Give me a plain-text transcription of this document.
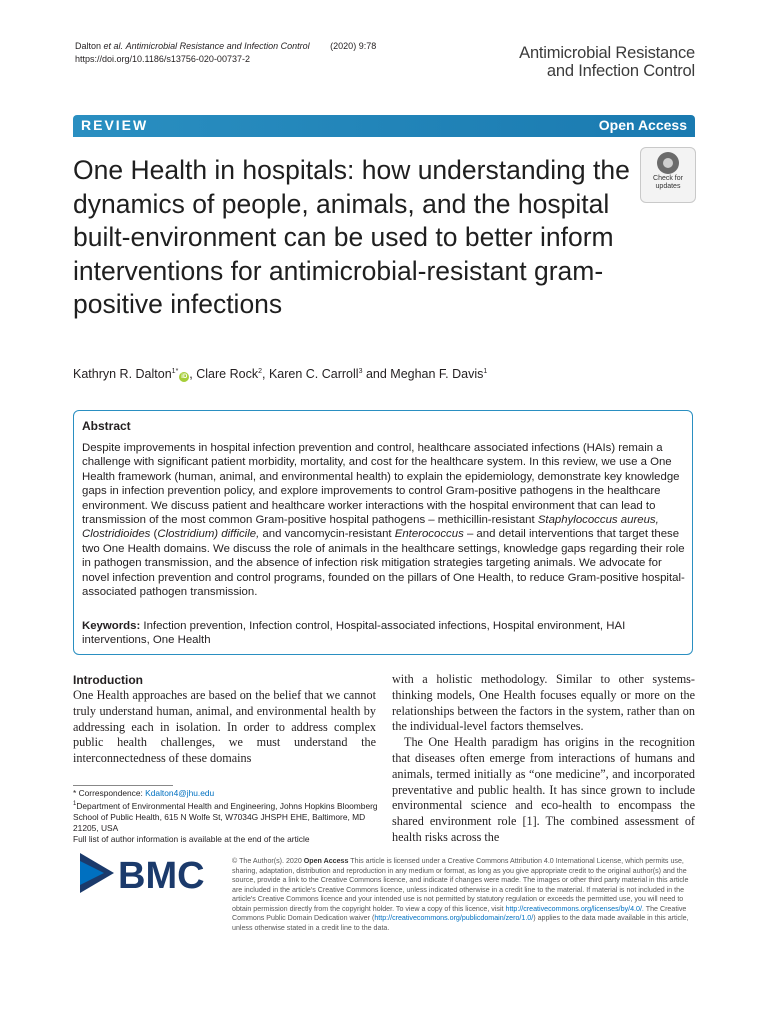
Dalton et al. Antimicrobial Resistance and Infection Control (2020) 9:78
https://doi.org/10.1186/s13756-020-00737-2	Antimicrobial Resistance
and Infection Control
REVIEW	Open Access
Check for
updates
One Health in hospitals: how understanding the dynamics of people, animals, and the hospital built-environment can be used to better inform interventions for antimicrobial-resistant gram-positive infections
Kathryn R. Dalton$^{1*}$iD , Clare Rock$^2$, Karen C. Carroll$^3$ and Meghan F. Davis$^1$
Abstract
Despite improvements in hospital infection prevention and control, healthcare associated infections (HAIs) remain a challenge with significant patient morbidity, mortality, and cost for the healthcare system. In this review, we use a One Health framework (human, animal, and environmental health) to explain the epidemiology, demonstrate key knowledge gaps in infection prevention policy, and explore improvements to control Gram-positive pathogens in the healthcare environment. We discuss patient and healthcare worker interactions with the hospital environment that can lead to transmission of the most common Gram-positive hospital pathogens – methicillin-resistant Staphylococcus aureus, Clostridioides (Clostridium) difficile, and vancomycin-resistant Enterococcus – and detail interventions that target these two One Health domains. We discuss the role of animals in the healthcare settings, knowledge gaps regarding their role in pathogen transmission, and the absence of infection risk mitigation strategies targeting animals. We advocate for novel infection prevention and control programs, founded on the pillars of One Health, to reduce Gram-positive hospital-associated pathogen transmission.
Keywords: Infection prevention, Infection control, Hospital-associated infections, Hospital environment, HAI interventions, One Health
Introduction

One Health approaches are based on the belief that we cannot truly understand human, animal, and environmental health by addressing each in isolation. In order to address complex public health challenges, we must understand the interconnectedness of these domains

with a holistic methodology. Similar to other systems-thinking models, One Health focuses equally or more on the relationships between the factors in the system, rather than on the individual-level factors themselves.

The One Health paradigm has origins in the recognition that diseases often emerge from interactions of humans and animals, termed initially as “one medicine”, and incorporated preventative and public health. It has since grown to include environmental science and eco-health to encompass the shared environment role [1]. The combined assessment of health risks across the

* Correspondence: Kdalton4@jhu.edu
$^1$Department of Environmental Health and Engineering, Johns Hopkins Bloomberg School of Public Health, 615 N Wolfe St, W7034G JHSPH EHE, Baltimore, MD 21205, USA
Full list of author information is available at the end of the article
BMC	© The Author(s). 2020 Open Access This article is licensed under a Creative Commons Attribution 4.0 International License, which permits use, sharing, adaptation, distribution and reproduction in any medium or format, as long as you give appropriate credit to the original author(s) and the source, provide a link to the Creative Commons licence, and indicate if changes were made. The images or other third party material in this article are included in the article's Creative Commons licence, unless indicated otherwise in a credit line to the material. If material is not included in the article's Creative Commons licence and your intended use is not permitted by statutory regulation or exceeds the permitted use, you will need to obtain permission directly from the copyright holder. To view a copy of this licence, visit http://creativecommons.org/licenses/by/4.0/. The Creative Commons Public Domain Dedication waiver (http://creativecommons.org/publicdomain/zero/1.0/) applies to the data made available in this article, unless otherwise stated in a credit line to the data.
